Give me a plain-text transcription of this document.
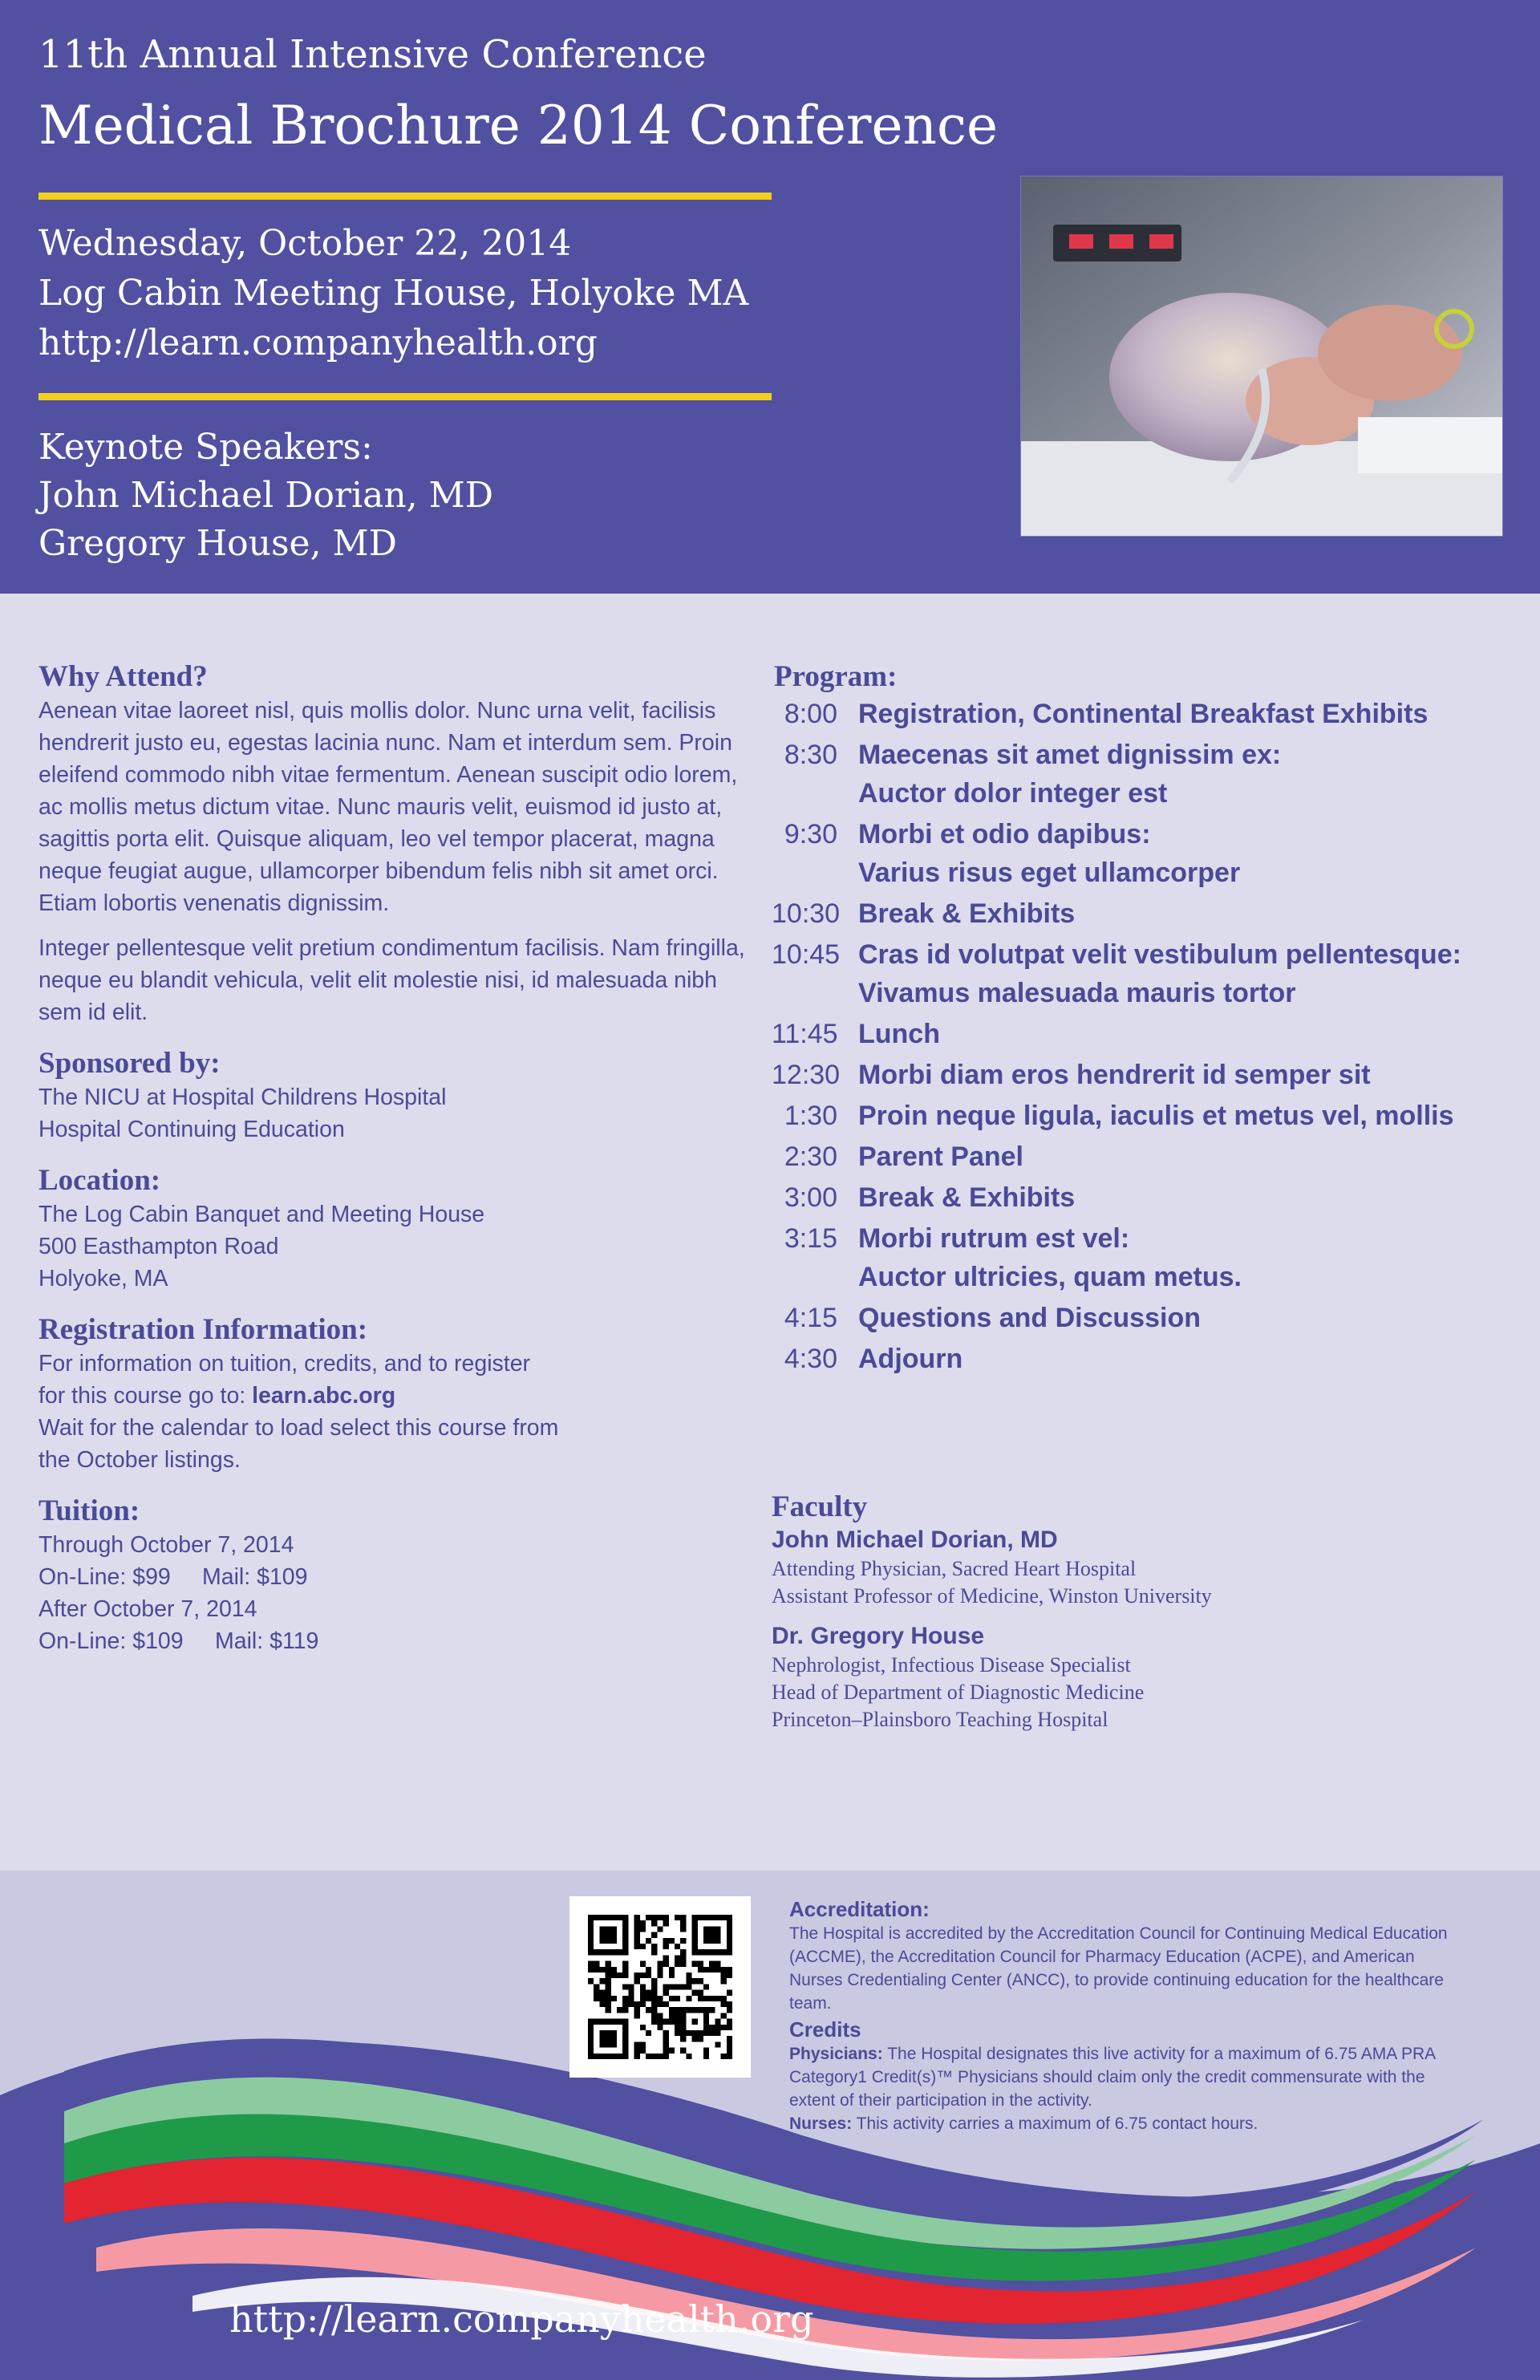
11th Annual Intensive Conference
Medical Brochure 2014 Conference
Wednesday, October 22, 2014
Log Cabin Meeting House, Holyoke MA
http://learn.companyhealth.org
Keynote Speakers:
John Michael Dorian, MD
Gregory House, MD
Why Attend?

Aenean vitae laoreet nisl, quis mollis dolor. Nunc urna velit, facilisis hendrerit justo eu, egestas lacinia nunc. Nam et interdum sem. Proin eleifend commodo nibh vitae fermentum. Aenean suscipit odio lorem, ac mollis metus dictum vitae. Nunc mauris velit, euismod id justo at, sagittis porta elit. Quisque aliquam, leo vel tempor placerat, magna neque feugiat augue, ullamcorper bibendum felis nibh sit amet orci. Etiam lobortis venenatis dignissim.

Integer pellentesque velit pretium condimentum facilisis. Nam fringilla, neque eu blandit vehicula, velit elit molestie nisi, id malesuada nibh sem id elit.

Sponsored by:

The NICU at Hospital Childrens Hospital

Hospital Continuing Education

Location:

The Log Cabin Banquet and Meeting House

500 Easthampton Road

Holyoke, MA

Registration Information:

For information on tuition, credits, and to register

for this course go to: learn.abc.org

Wait for the calendar to load select this course from

the October listings.

Tuition:

Through October 7, 2014

On-Line: $99 Mail: $109

After October 7, 2014

On-Line: $109 Mail: $119

Program:
8:00 Registration, Continental Breakfast Exhibits
8:30 Maecenas sit amet dignissim ex:
Auctor dolor integer est
9:30 Morbi et odio dapibus:
Varius risus eget ullamcorper
10:30 Break & Exhibits
10:45 Cras id volutpat velit vestibulum pellentesque:
Vivamus malesuada mauris tortor
11:45 Lunch
12:30 Morbi diam eros hendrerit id semper sit
1:30 Proin neque ligula, iaculis et metus vel, mollis
2:30 Parent Panel
3:00 Break & Exhibits
3:15 Morbi rutrum est vel:
Auctor ultricies, quam metus.
4:15 Questions and Discussion
4:30 Adjourn
Faculty

John Michael Dorian, MD

Attending Physician, Sacred Heart Hospital

Assistant Professor of Medicine, Winston University

Dr. Gregory House

Nephrologist, Infectious Disease Specialist

Head of Department of Diagnostic Medicine

Princeton–Plainsboro Teaching Hospital

Accreditation:

The Hospital is accredited by the Accreditation Council for Continuing Medical Education (ACCME), the Accreditation Council for Pharmacy Education (ACPE), and American Nurses Credentialing Center (ANCC), to provide continuing education for the healthcare team.

Credits

Physicians: The Hospital designates this live activity for a maximum of 6.75 AMA PRA Category1 Credit(s)™ Physicians should claim only the credit commensurate with the extent of their participation in the activity.

Nurses: This activity carries a maximum of 6.75 contact hours.

http://learn.companyhealth.org
